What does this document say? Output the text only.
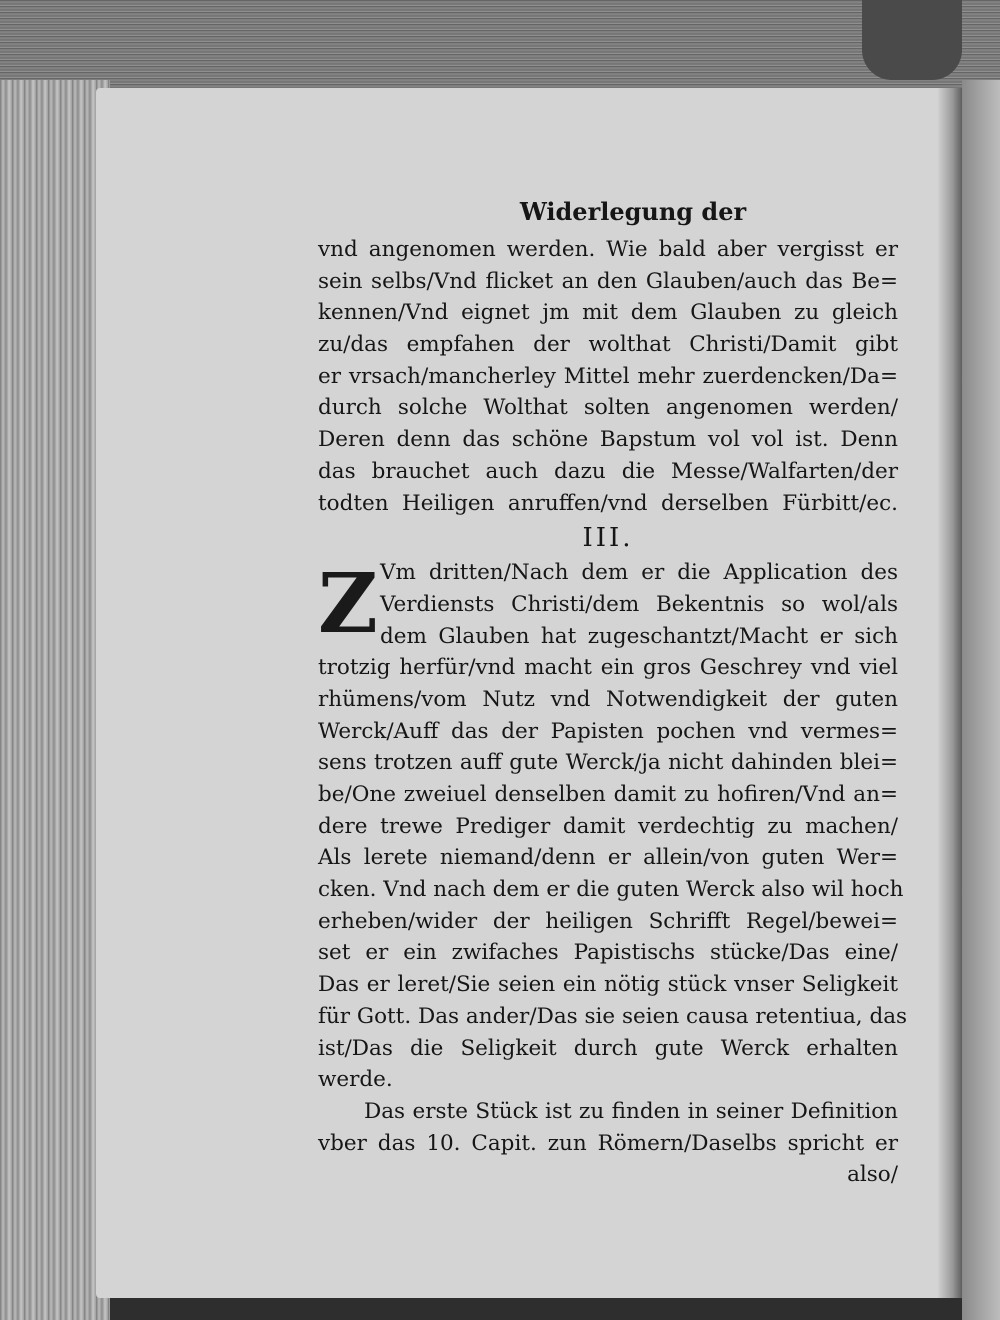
Widerlegung der
vnd angenomen werden. Wie bald aber vergisst er
sein selbs/Vnd flicket an den Glauben/auch das Be=
kennen/Vnd eignet jm mit dem Glauben zu gleich
zu/das empfahen der wolthat Christi/Damit gibt
er vrsach/mancherley Mittel mehr zuerdencken/Da=
durch solche Wolthat solten angenomen werden/
Deren denn das schöne Bapstum vol vol ist. Denn
das brauchet auch dazu die Messe/Walfarten/der
todten Heiligen anruffen/vnd derselben Fürbitt/ec.
III.
Z Vm dritten/Nach dem er die Application des
Verdiensts Christi/dem Bekentnis so wol/als
dem Glauben hat zugeschantzt/Macht er sich
trotzig herfür/vnd macht ein gros Geschrey vnd viel
rhümens/vom Nutz vnd Notwendigkeit der guten
Werck/Auff das der Papisten pochen vnd vermes=
sens trotzen auff gute Werck/ja nicht dahinden blei=
be/One zweiuel denselben damit zu hofiren/Vnd an=
dere trewe Prediger damit verdechtig zu machen/
Als lerete niemand/denn er allein/von guten Wer=
cken. Vnd nach dem er die guten Werck also wil hoch
erheben/wider der heiligen Schrifft Regel/bewei=
set er ein zwifaches Papistischs stücke/Das eine/
Das er leret/Sie seien ein nötig stück vnser Seligkeit
für Gott. Das ander/Das sie seien causa retentiua, das
ist/Das die Seligkeit durch gute Werck erhalten
werde.
Das erste Stück ist zu finden in seiner Definition
vber das 10. Capit. zun Römern/Daselbs spricht er
also/
